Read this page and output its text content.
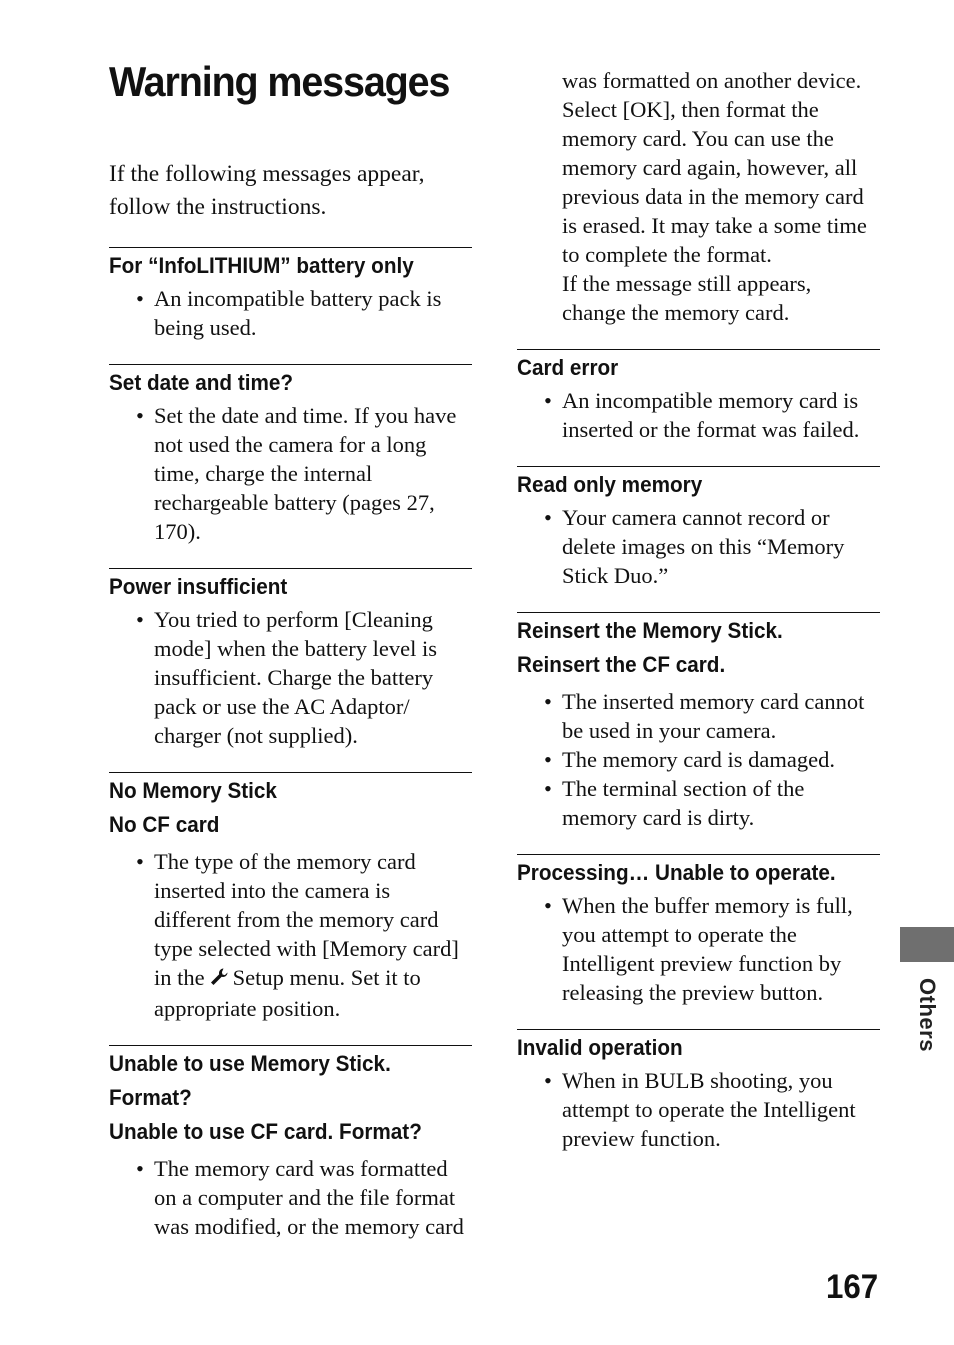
Warning messages

If the following messages appear, follow the instructions.

For “InfoLITHIUM” battery only
• An incompatible battery pack is being used.
Set date and time?
• Set the date and time. If you have not used the camera for a long time, charge the internal rechargeable battery (pages 27, 170).
Power insufficient
• You tried to perform [Cleaning mode] when the battery level is insufficient. Charge the battery pack or use the AC Adaptor/ charger (not supplied).
No Memory Stick
No CF card
• The type of the memory card inserted into the camera is different from the memory card type selected with [Memory card] in the Setup menu. Set it to appropriate position.
Unable to use Memory Stick.
Format?
Unable to use CF card. Format?
• The memory card was formatted on a computer and the file format was modified, or the memory card

was formatted on another device. Select [OK], then format the memory card. You can use the memory card again, however, all previous data in the memory card is erased. It may take a some time to complete the format.

If the message still appears, change the memory card.

Card error
• An incompatible memory card is inserted or the format was failed.
Read only memory
• Your camera cannot record or delete images on this “Memory Stick Duo.”
Reinsert the Memory Stick.
Reinsert the CF card.
• The inserted memory card cannot be used in your camera.
• The memory card is damaged.
• The terminal section of the memory card is dirty.
Processing… Unable to operate.
• When the buffer memory is full, you attempt to operate the Intelligent preview function by releasing the preview button.
Invalid operation
• When in BULB shooting, you attempt to operate the Intelligent preview function.
Others
167
